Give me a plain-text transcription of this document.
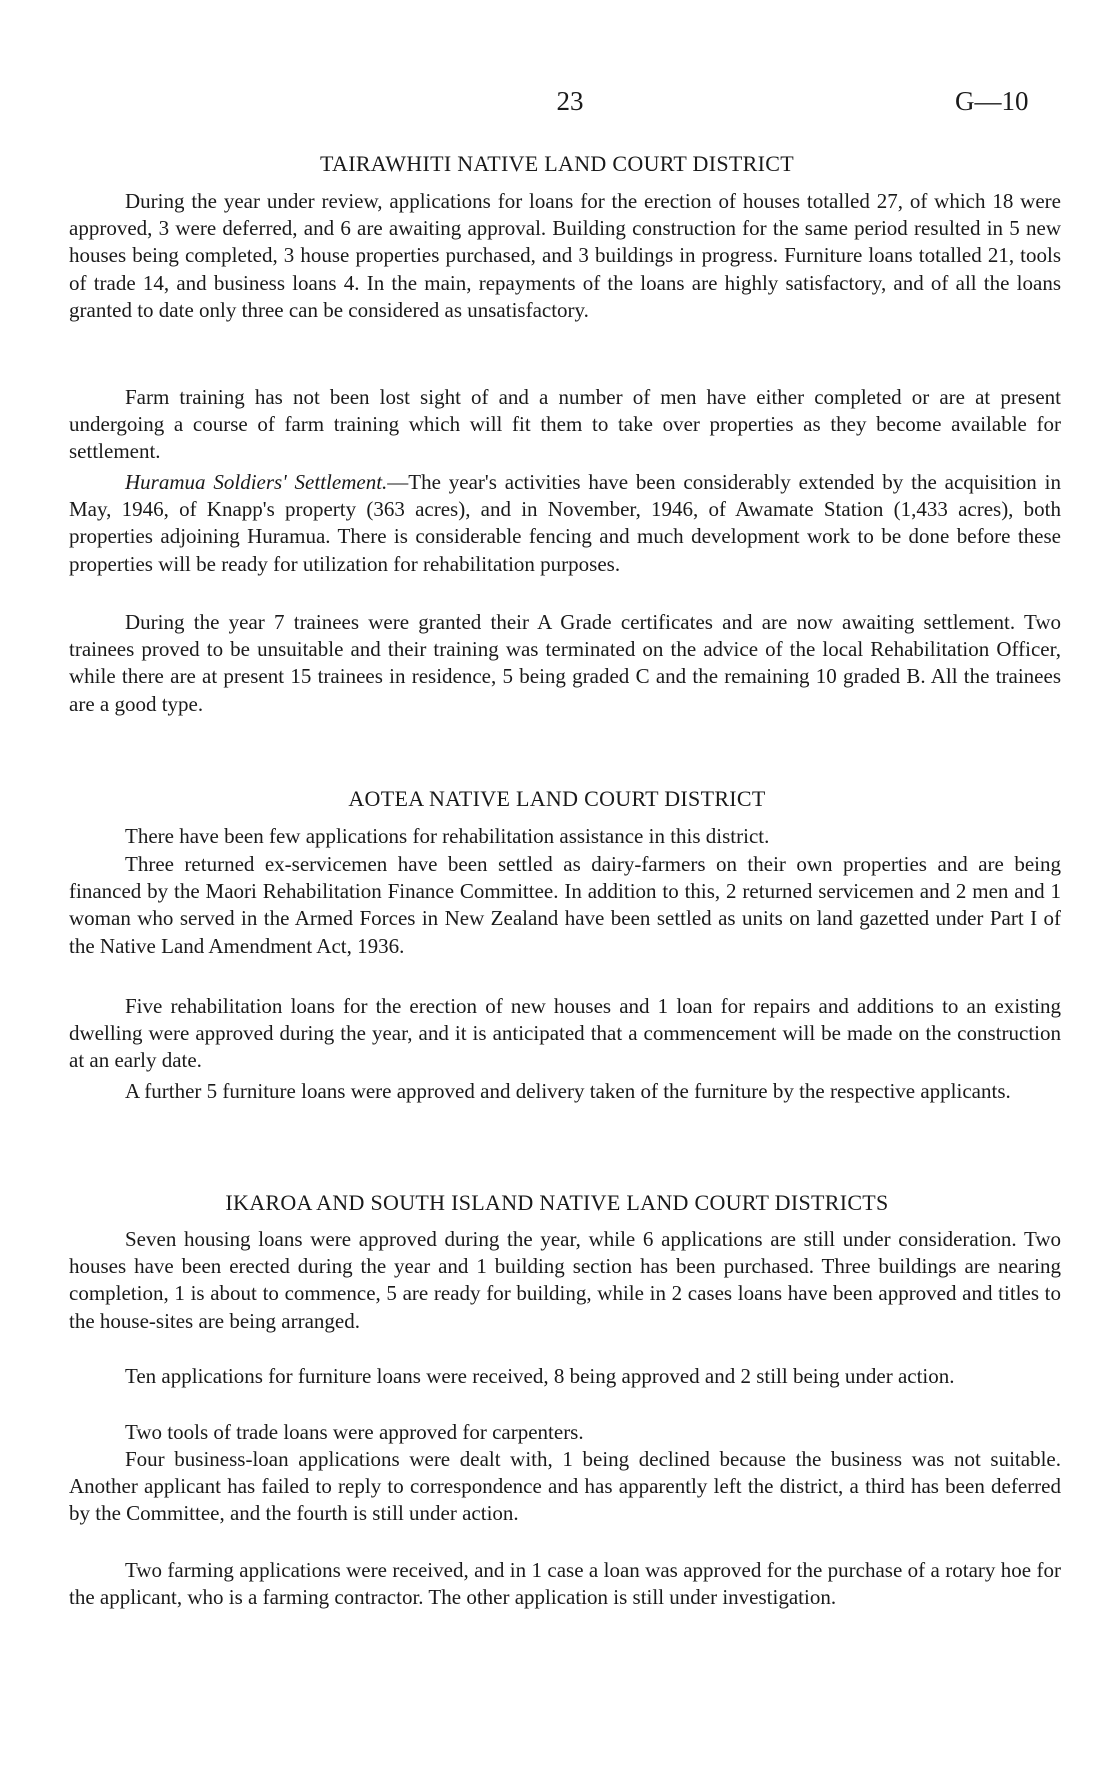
23	G—10
TAIRAWHITI NATIVE LAND COURT DISTRICT

During the year under review, applications for loans for the erection of houses totalled 27, of which 18 were approved, 3 were deferred, and 6 are awaiting approval. Building construction for the same period resulted in 5 new houses being completed, 3 house properties purchased, and 3 buildings in progress. Furniture loans totalled 21, tools of trade 14, and business loans 4. In the main, repayments of the loans are highly satisfactory, and of all the loans granted to date only three can be considered as unsatisfactory.

Farm training has not been lost sight of and a number of men have either completed or are at present undergoing a course of farm training which will fit them to take over properties as they become available for settlement.

Huramua Soldiers' Settlement.—The year's activities have been considerably extended by the acquisition in May, 1946, of Knapp's property (363 acres), and in November, 1946, of Awamate Station (1,433 acres), both properties adjoining Huramua. There is considerable fencing and much development work to be done before these properties will be ready for utilization for rehabilitation purposes.

During the year 7 trainees were granted their A Grade certificates and are now awaiting settlement. Two trainees proved to be unsuitable and their training was terminated on the advice of the local Rehabilitation Officer, while there are at present 15 trainees in residence, 5 being graded C and the remaining 10 graded B. All the trainees are a good type.

AOTEA NATIVE LAND COURT DISTRICT

There have been few applications for rehabilitation assistance in this district.

Three returned ex-servicemen have been settled as dairy-farmers on their own properties and are being financed by the Maori Rehabilitation Finance Committee. In addition to this, 2 returned servicemen and 2 men and 1 woman who served in the Armed Forces in New Zealand have been settled as units on land gazetted under Part I of the Native Land Amendment Act, 1936.

Five rehabilitation loans for the erection of new houses and 1 loan for repairs and additions to an existing dwelling were approved during the year, and it is anticipated that a commencement will be made on the construction at an early date.

A further 5 furniture loans were approved and delivery taken of the furniture by the respective applicants.

IKAROA AND SOUTH ISLAND NATIVE LAND COURT DISTRICTS

Seven housing loans were approved during the year, while 6 applications are still under consideration. Two houses have been erected during the year and 1 building section has been purchased. Three buildings are nearing completion, 1 is about to commence, 5 are ready for building, while in 2 cases loans have been approved and titles to the house-sites are being arranged.

Ten applications for furniture loans were received, 8 being approved and 2 still being under action.

Two tools of trade loans were approved for carpenters.

Four business-loan applications were dealt with, 1 being declined because the business was not suitable. Another applicant has failed to reply to correspondence and has apparently left the district, a third has been deferred by the Committee, and the fourth is still under action.

Two farming applications were received, and in 1 case a loan was approved for the purchase of a rotary hoe for the applicant, who is a farming contractor. The other application is still under investigation.
